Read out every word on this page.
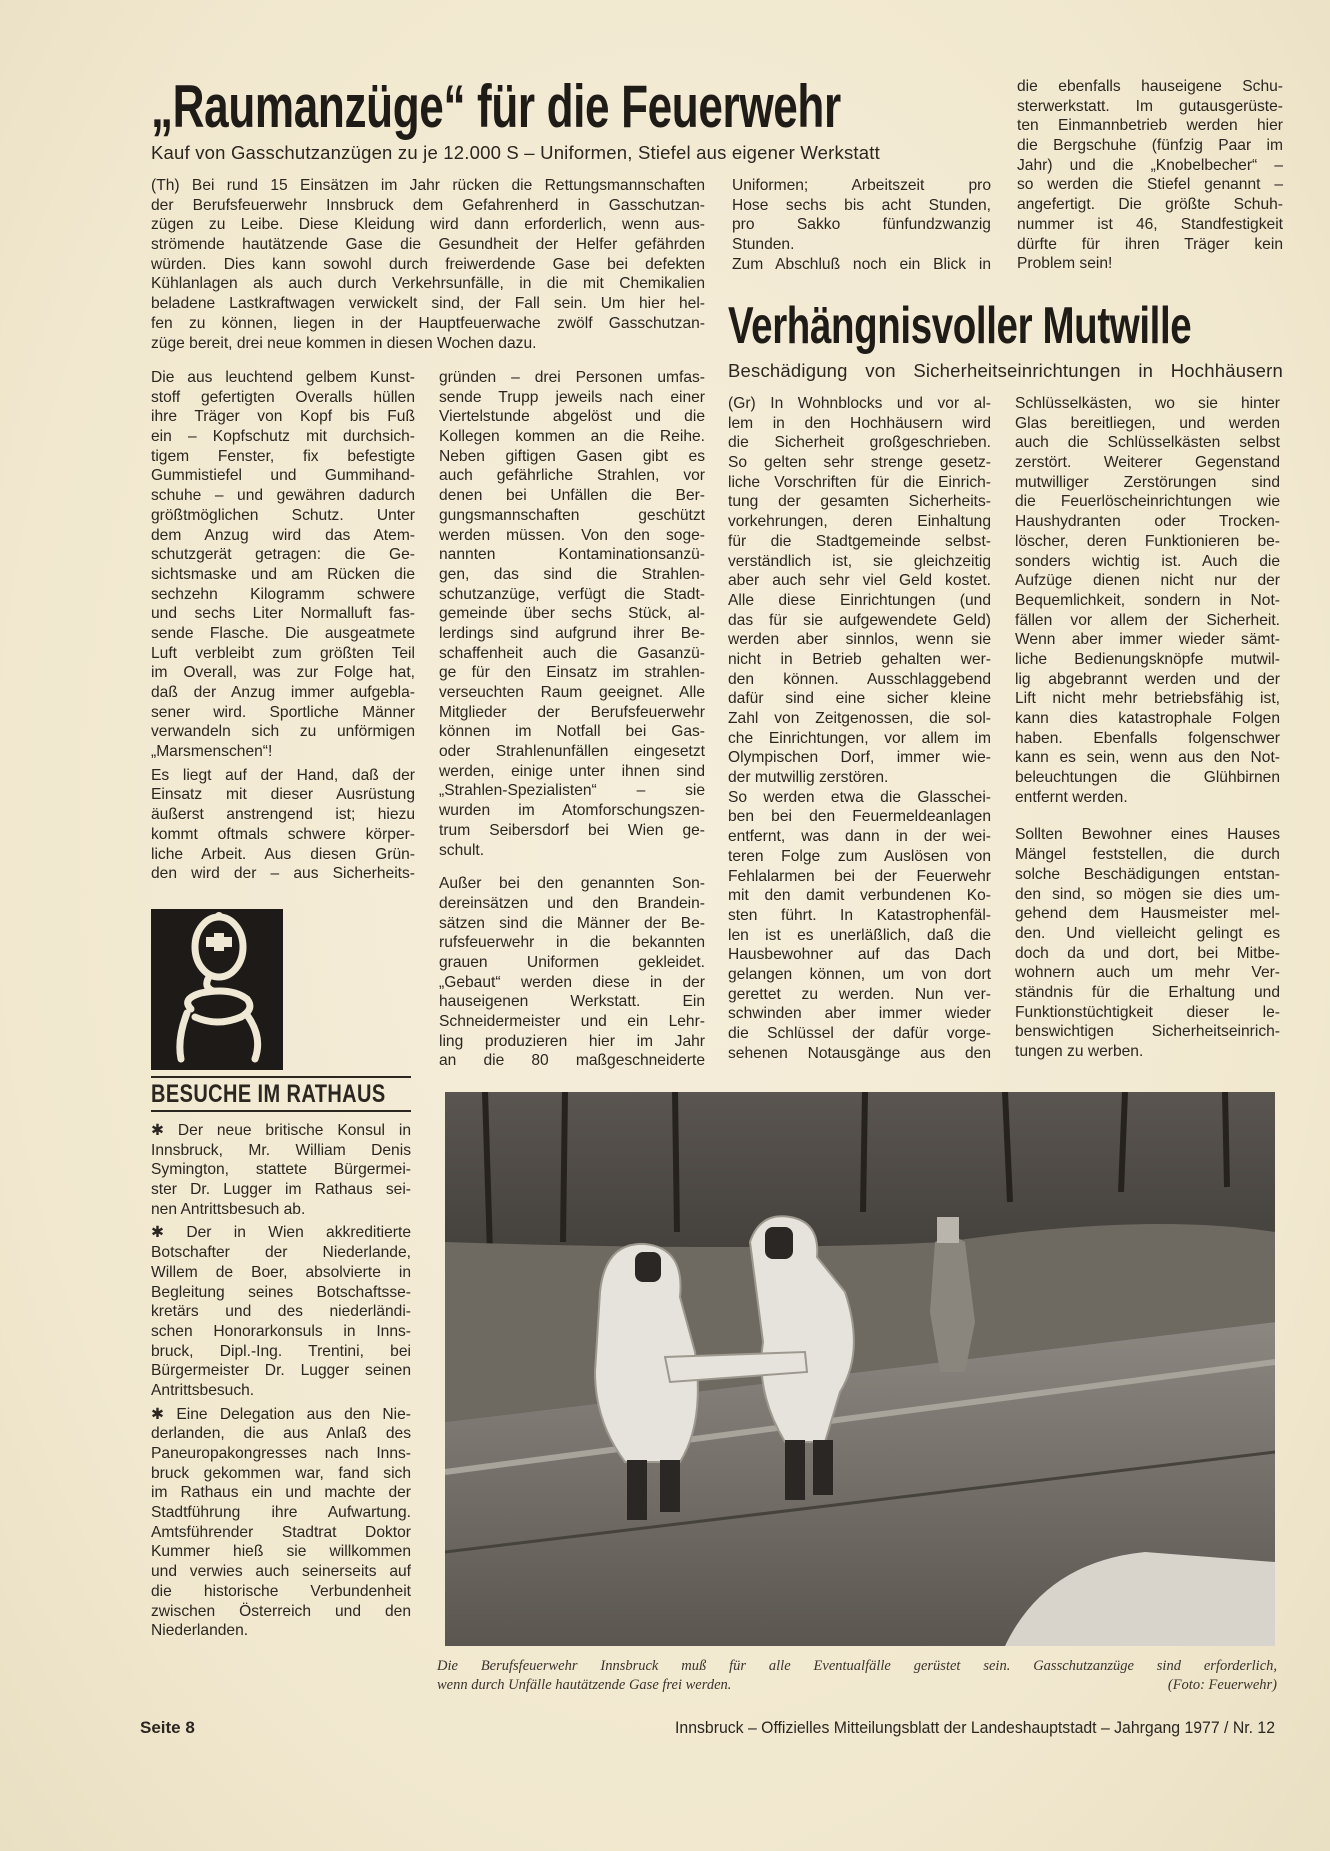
„Raumanzüge“ für die Feuerwehr
Kauf von Gasschutzanzügen zu je 12.000 S – Uniformen, Stiefel aus eigener Werkstatt
(Th) Bei rund 15 Einsätzen im Jahr rücken die Rettungsmannschaften
der Berufsfeuerwehr Innsbruck dem Gefahrenherd in Gasschutzan-
zügen zu Leibe. Diese Kleidung wird dann erforderlich, wenn aus-
strömende hautätzende Gase die Gesundheit der Helfer gefährden
würden. Dies kann sowohl durch freiwerdende Gase bei defekten
Kühlanlagen als auch durch Verkehrsunfälle, in die mit Chemikalien
beladene Lastkraftwagen verwickelt sind, der Fall sein. Um hier hel-
fen zu können, liegen in der Hauptfeuerwache zwölf Gasschutzan-
züge bereit, drei neue kommen in diesen Wochen dazu.
Die aus leuchtend gelbem Kunst-
stoff gefertigten Overalls hüllen
ihre Träger von Kopf bis Fuß
ein – Kopfschutz mit durchsich-
tigem Fenster, fix befestigte
Gummistiefel und Gummihand-
schuhe – und gewähren dadurch
größtmöglichen Schutz. Unter
dem Anzug wird das Atem-
schutzgerät getragen: die Ge-
sichtsmaske und am Rücken die
sechzehn Kilogramm schwere
und sechs Liter Normalluft fas-
sende Flasche. Die ausgeatmete
Luft verbleibt zum größten Teil
im Overall, was zur Folge hat,
daß der Anzug immer aufgebla-
sener wird. Sportliche Männer
verwandeln sich zu unförmigen
„Marsmenschen“!
Es liegt auf der Hand, daß der
Einsatz mit dieser Ausrüstung
äußerst anstrengend ist; hiezu
kommt oftmals schwere körper-
liche Arbeit. Aus diesen Grün-
den wird der – aus Sicherheits-
gründen – drei Personen umfas-
sende Trupp jeweils nach einer
Viertelstunde abgelöst und die
Kollegen kommen an die Reihe.
Neben giftigen Gasen gibt es
auch gefährliche Strahlen, vor
denen bei Unfällen die Ber-
gungsmannschaften geschützt
werden müssen. Von den soge-
nannten Kontaminationsanzü-
gen, das sind die Strahlen-
schutzanzüge, verfügt die Stadt-
gemeinde über sechs Stück, al-
lerdings sind aufgrund ihrer Be-
schaffenheit auch die Gasanzü-
ge für den Einsatz im strahlen-
verseuchten Raum geeignet. Alle
Mitglieder der Berufsfeuerwehr
können im Notfall bei Gas-
oder Strahlenunfällen eingesetzt
werden, einige unter ihnen sind
„Strahlen-Spezialisten“ – sie
wurden im Atomforschungszen-
trum Seibersdorf bei Wien ge-
schult.
Außer bei den genannten Son-
dereinsätzen und den Brandein-
sätzen sind die Männer der Be-
rufsfeuerwehr in die bekannten
grauen Uniformen gekleidet.
„Gebaut“ werden diese in der
hauseigenen Werkstatt. Ein
Schneidermeister und ein Lehr-
ling produzieren hier im Jahr
an die 80 maßgeschneiderte
Uniformen; Arbeitszeit pro
Hose sechs bis acht Stunden,
pro Sakko fünfundzwanzig
Stunden.
Zum Abschluß noch ein Blick in
die ebenfalls hauseigene Schu-
sterwerkstatt. Im gutausgerüste-
ten Einmannbetrieb werden hier
die Bergschuhe (fünfzig Paar im
Jahr) und die „Knobelbecher“ –
so werden die Stiefel genannt –
angefertigt. Die größte Schuh-
nummer ist 46, Standfestigkeit
dürfte für ihren Träger kein
Problem sein!
Verhängnisvoller Mutwille
Beschädigung von Sicherheitseinrichtungen in Hochhäusern
(Gr) In Wohnblocks und vor al-
lem in den Hochhäusern wird
die Sicherheit großgeschrieben.
So gelten sehr strenge gesetz-
liche Vorschriften für die Einrich-
tung der gesamten Sicherheits-
vorkehrungen, deren Einhaltung
für die Stadtgemeinde selbst-
verständlich ist, sie gleichzeitig
aber auch sehr viel Geld kostet.
Alle diese Einrichtungen (und
das für sie aufgewendete Geld)
werden aber sinnlos, wenn sie
nicht in Betrieb gehalten wer-
den können. Ausschlaggebend
dafür sind eine sicher kleine
Zahl von Zeitgenossen, die sol-
che Einrichtungen, vor allem im
Olympischen Dorf, immer wie-
der mutwillig zerstören.
So werden etwa die Glasschei-
ben bei den Feuermeldeanlagen
entfernt, was dann in der wei-
teren Folge zum Auslösen von
Fehlalarmen bei der Feuerwehr
mit den damit verbundenen Ko-
sten führt. In Katastrophenfäl-
len ist es unerläßlich, daß die
Hausbewohner auf das Dach
gelangen können, um von dort
gerettet zu werden. Nun ver-
schwinden aber immer wieder
die Schlüssel der dafür vorge-
sehenen Notausgänge aus den
Schlüsselkästen, wo sie hinter
Glas bereitliegen, und werden
auch die Schlüsselkästen selbst
zerstört. Weiterer Gegenstand
mutwilliger Zerstörungen sind
die Feuerlöscheinrichtungen wie
Haushydranten oder Trocken-
löscher, deren Funktionieren be-
sonders wichtig ist. Auch die
Aufzüge dienen nicht nur der
Bequemlichkeit, sondern in Not-
fällen vor allem der Sicherheit.
Wenn aber immer wieder sämt-
liche Bedienungsknöpfe mutwil-
lig abgebrannt werden und der
Lift nicht mehr betriebsfähig ist,
kann dies katastrophale Folgen
haben. Ebenfalls folgenschwer
kann es sein, wenn aus den Not-
beleuchtungen die Glühbirnen
entfernt werden.
Sollten Bewohner eines Hauses
Mängel feststellen, die durch
solche Beschädigungen entstan-
den sind, so mögen sie dies um-
gehend dem Hausmeister mel-
den. Und vielleicht gelingt es
doch da und dort, bei Mitbe-
wohnern auch um mehr Ver-
ständnis für die Erhaltung und
Funktionstüchtigkeit dieser le-
benswichtigen Sicherheitseinrich-
tungen zu werben.
BESUCHE IM RATHAUS
✱ Der neue britische Konsul in
Innsbruck, Mr. William Denis
Symington, stattete Bürgermei-
ster Dr. Lugger im Rathaus sei-
nen Antrittsbesuch ab.
✱ Der in Wien akkreditierte
Botschafter der Niederlande,
Willem de Boer, absolvierte in
Begleitung seines Botschaftsse-
kretärs und des niederländi-
schen Honorarkonsuls in Inns-
bruck, Dipl.-Ing. Trentini, bei
Bürgermeister Dr. Lugger seinen
Antrittsbesuch.
✱ Eine Delegation aus den Nie-
derlanden, die aus Anlaß des
Paneuropakongresses nach Inns-
bruck gekommen war, fand sich
im Rathaus ein und machte der
Stadtführung ihre Aufwartung.
Amtsführender Stadtrat Doktor
Kummer hieß sie willkommen
und verwies auch seinerseits auf
die historische Verbundenheit
zwischen Österreich und den
Niederlanden.
Die Berufsfeuerwehr Innsbruck muß für alle Eventualfälle gerüstet sein. Gasschutzanzüge sind erforderlich,
wenn durch Unfälle hautätzende Gase frei werden.	(Foto: Feuerwehr)
Seite 8	Innsbruck – Offizielles Mitteilungsblatt der Landeshauptstadt – Jahrgang 1977 / Nr. 12
